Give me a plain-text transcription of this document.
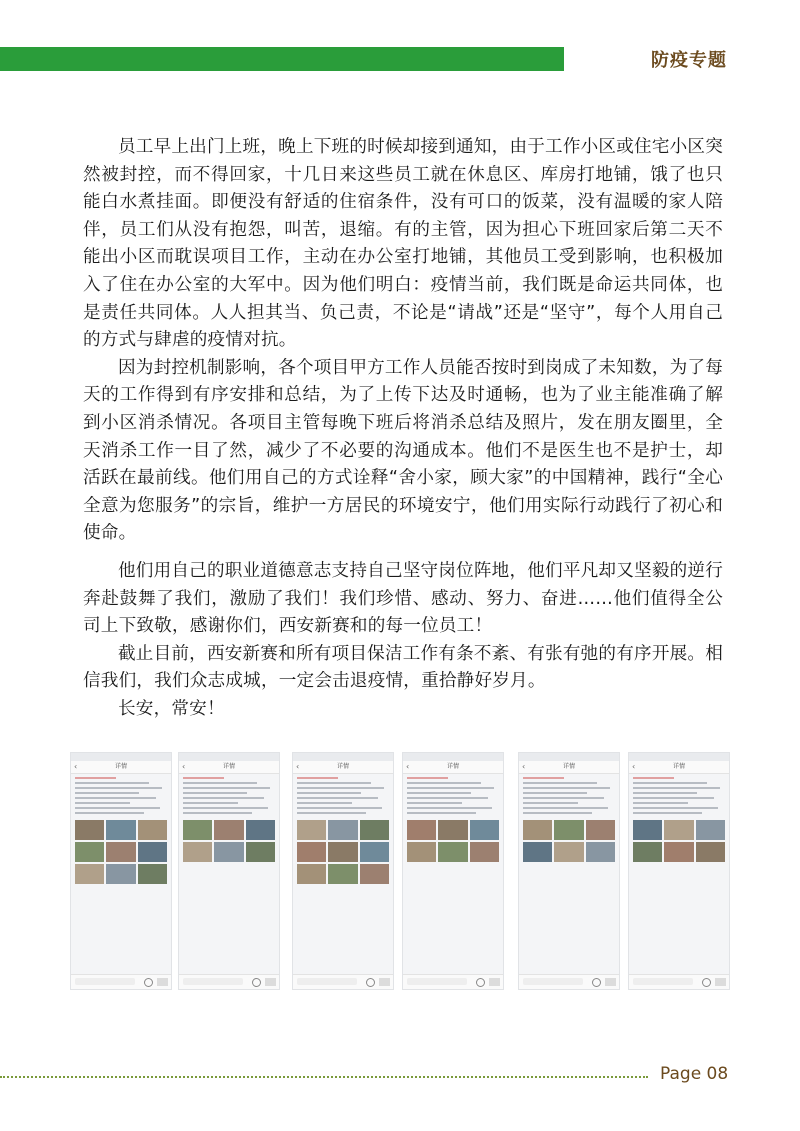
防疫专题

员工早上出门上班，晚上下班的时候却接到通知，由于工作小区或住宅小区突然被封控，而不得回家，十几日来这些员工就在休息区、库房打地铺，饿了也只能白水煮挂面。即便没有舒适的住宿条件，没有可口的饭菜，没有温暖的家人陪伴，员工们从没有抱怨，叫苦，退缩。有的主管，因为担心下班回家后第二天不能出小区而耽误项目工作，主动在办公室打地铺，其他员工受到影响，也积极加入了住在办公室的大军中。因为他们明白：疫情当前，我们既是命运共同体，也是责任共同体。人人担其当、负己责，不论是“请战”还是“坚守”，每个人用自己的方式与肆虐的疫情对抗。

因为封控机制影响，各个项目甲方工作人员能否按时到岗成了未知数，为了每天的工作得到有序安排和总结，为了上传下达及时通畅，也为了业主能准确了解到小区消杀情况。各项目主管每晚下班后将消杀总结及照片，发在朋友圈里，全天消杀工作一目了然，减少了不必要的沟通成本。他们不是医生也不是护士，却活跃在最前线。他们用自己的方式诠释“舍小家，顾大家”的中国精神，践行“全心全意为您服务”的宗旨，维护一方居民的环境安宁，他们用实际行动践行了初心和使命。

他们用自己的职业道德意志支持自己坚守岗位阵地，他们平凡却又坚毅的逆行奔赴鼓舞了我们，激励了我们！我们珍惜、感动、努力、奋进……他们值得全公司上下致敬，感谢你们，西安新赛和的每一位员工！

截止目前，西安新赛和所有项目保洁工作有条不紊、有张有弛的有序开展。相信我们，我们众志成城，一定会击退疫情，重拾静好岁月。

长安，常安！

详情
‹	详情
‹	详情
‹	详情
‹	详情
‹	详情
‹
Page 08
